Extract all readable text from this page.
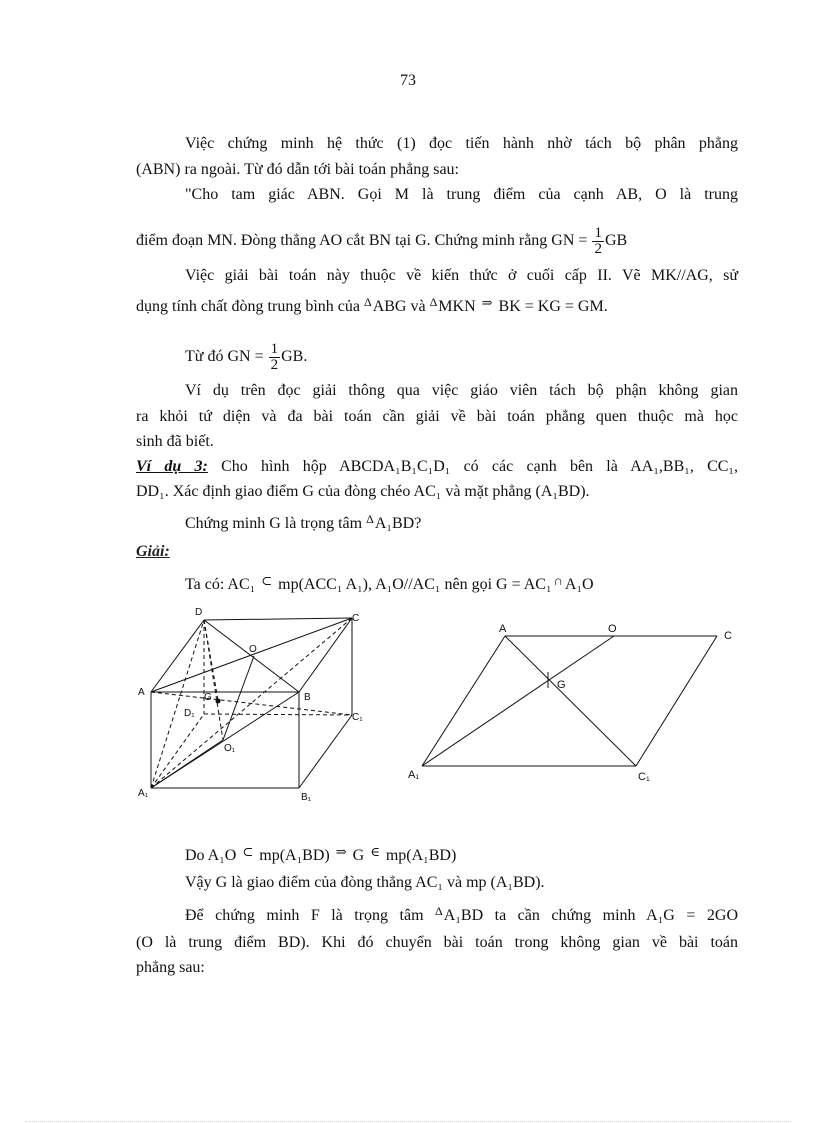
73
Việc chứng minh hệ thức (1) đọc tiến hành nhờ tách bộ phân phẳng
(ABN) ra ngoài. Từ đó dẫn tới bài toán phẳng sau:
"Cho tam giác ABN. Gọi M là trung điểm của cạnh AB, O là trung
điểm đoạn MN. Đòng thẳng AO cắt BN tại G. Chứng minh rằng GN = $\frac{1}{2}$ GB
Việc giải bài toán này thuộc về kiến thức ở cuối cấp II. Vẽ MK//AG, sử
dụng tính chất đòng trung bình của $^\Delta$ABG và $^\Delta$MKN ⇒ BK = KG = GM.
Từ đó GN = $\frac{1}{2}$ GB.
Ví dụ trên đọc giải thông qua việc giáo viên tách bộ phận không gian
ra khỏi tứ diện và đa bài toán cần giải về bài toán phẳng quen thuộc mà học
sinh đã biết.
Ví dụ 3: Cho hình hộp ABCDA₁B₁C₁D₁ có các cạnh bên là AA₁,BB₁, CC₁,
DD₁. Xác định giao điểm G của đòng chéo AC₁ và mặt phẳng (A₁BD).
Chứng minh G là trọng tâm $^\Delta$A₁BD?
Giải:
Ta có: AC₁ ⊂ mp(ACC₁ A₁), A₁O//AC₁ nên gọi G = AC₁ ∩ A₁O
D
C
O
A	G	B
D₁	C₁
O₁
A₁	B₁
A	O
C
G
A₁	C₁
Do A₁O ⊂ mp(A₁BD) ⇒ G ∈ mp(A₁BD)
Vậy G là giao điểm của đòng thẳng AC₁ và mp (A₁BD).
Để chứng minh F là trọng tâm $^\Delta$A₁BD ta cần chứng minh A₁G = 2GO
(O là trung điểm BD). Khi đó chuyển bài toán trong không gian về bài toán
phẳng sau:
